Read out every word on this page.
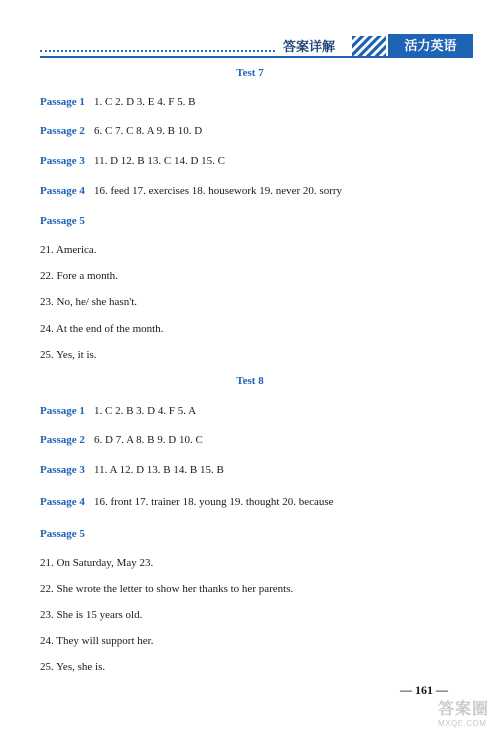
答案详解	活力英语
Test 7
Passage 1 1. C 2. D 3. E 4. F 5. B
Passage 2 6. C 7. C 8. A 9. B 10. D
Passage 3 11. D 12. B 13. C 14. D 15. C
Passage 4 16. feed 17. exercises 18. housework 19. never 20. sorry
Passage 5
21. America.
22. Fore a month.
23. No, he/ she hasn't.
24. At the end of the month.
25. Yes, it is.
Test 8
Passage 1 1. C 2. B 3. D 4. F 5. A
Passage 2 6. D 7. A 8. B 9. D 10. C
Passage 3 11. A 12. D 13. B 14. B 15. B
Passage 4 16. front 17. trainer 18. young 19. thought 20. because
Passage 5
21. On Saturday, May 23.
22. She wrote the letter to show her thanks to her parents.
23. She is 15 years old.
24. They will support her.
25. Yes, she is.
— 161 —
答案圈
MXQE.COM
